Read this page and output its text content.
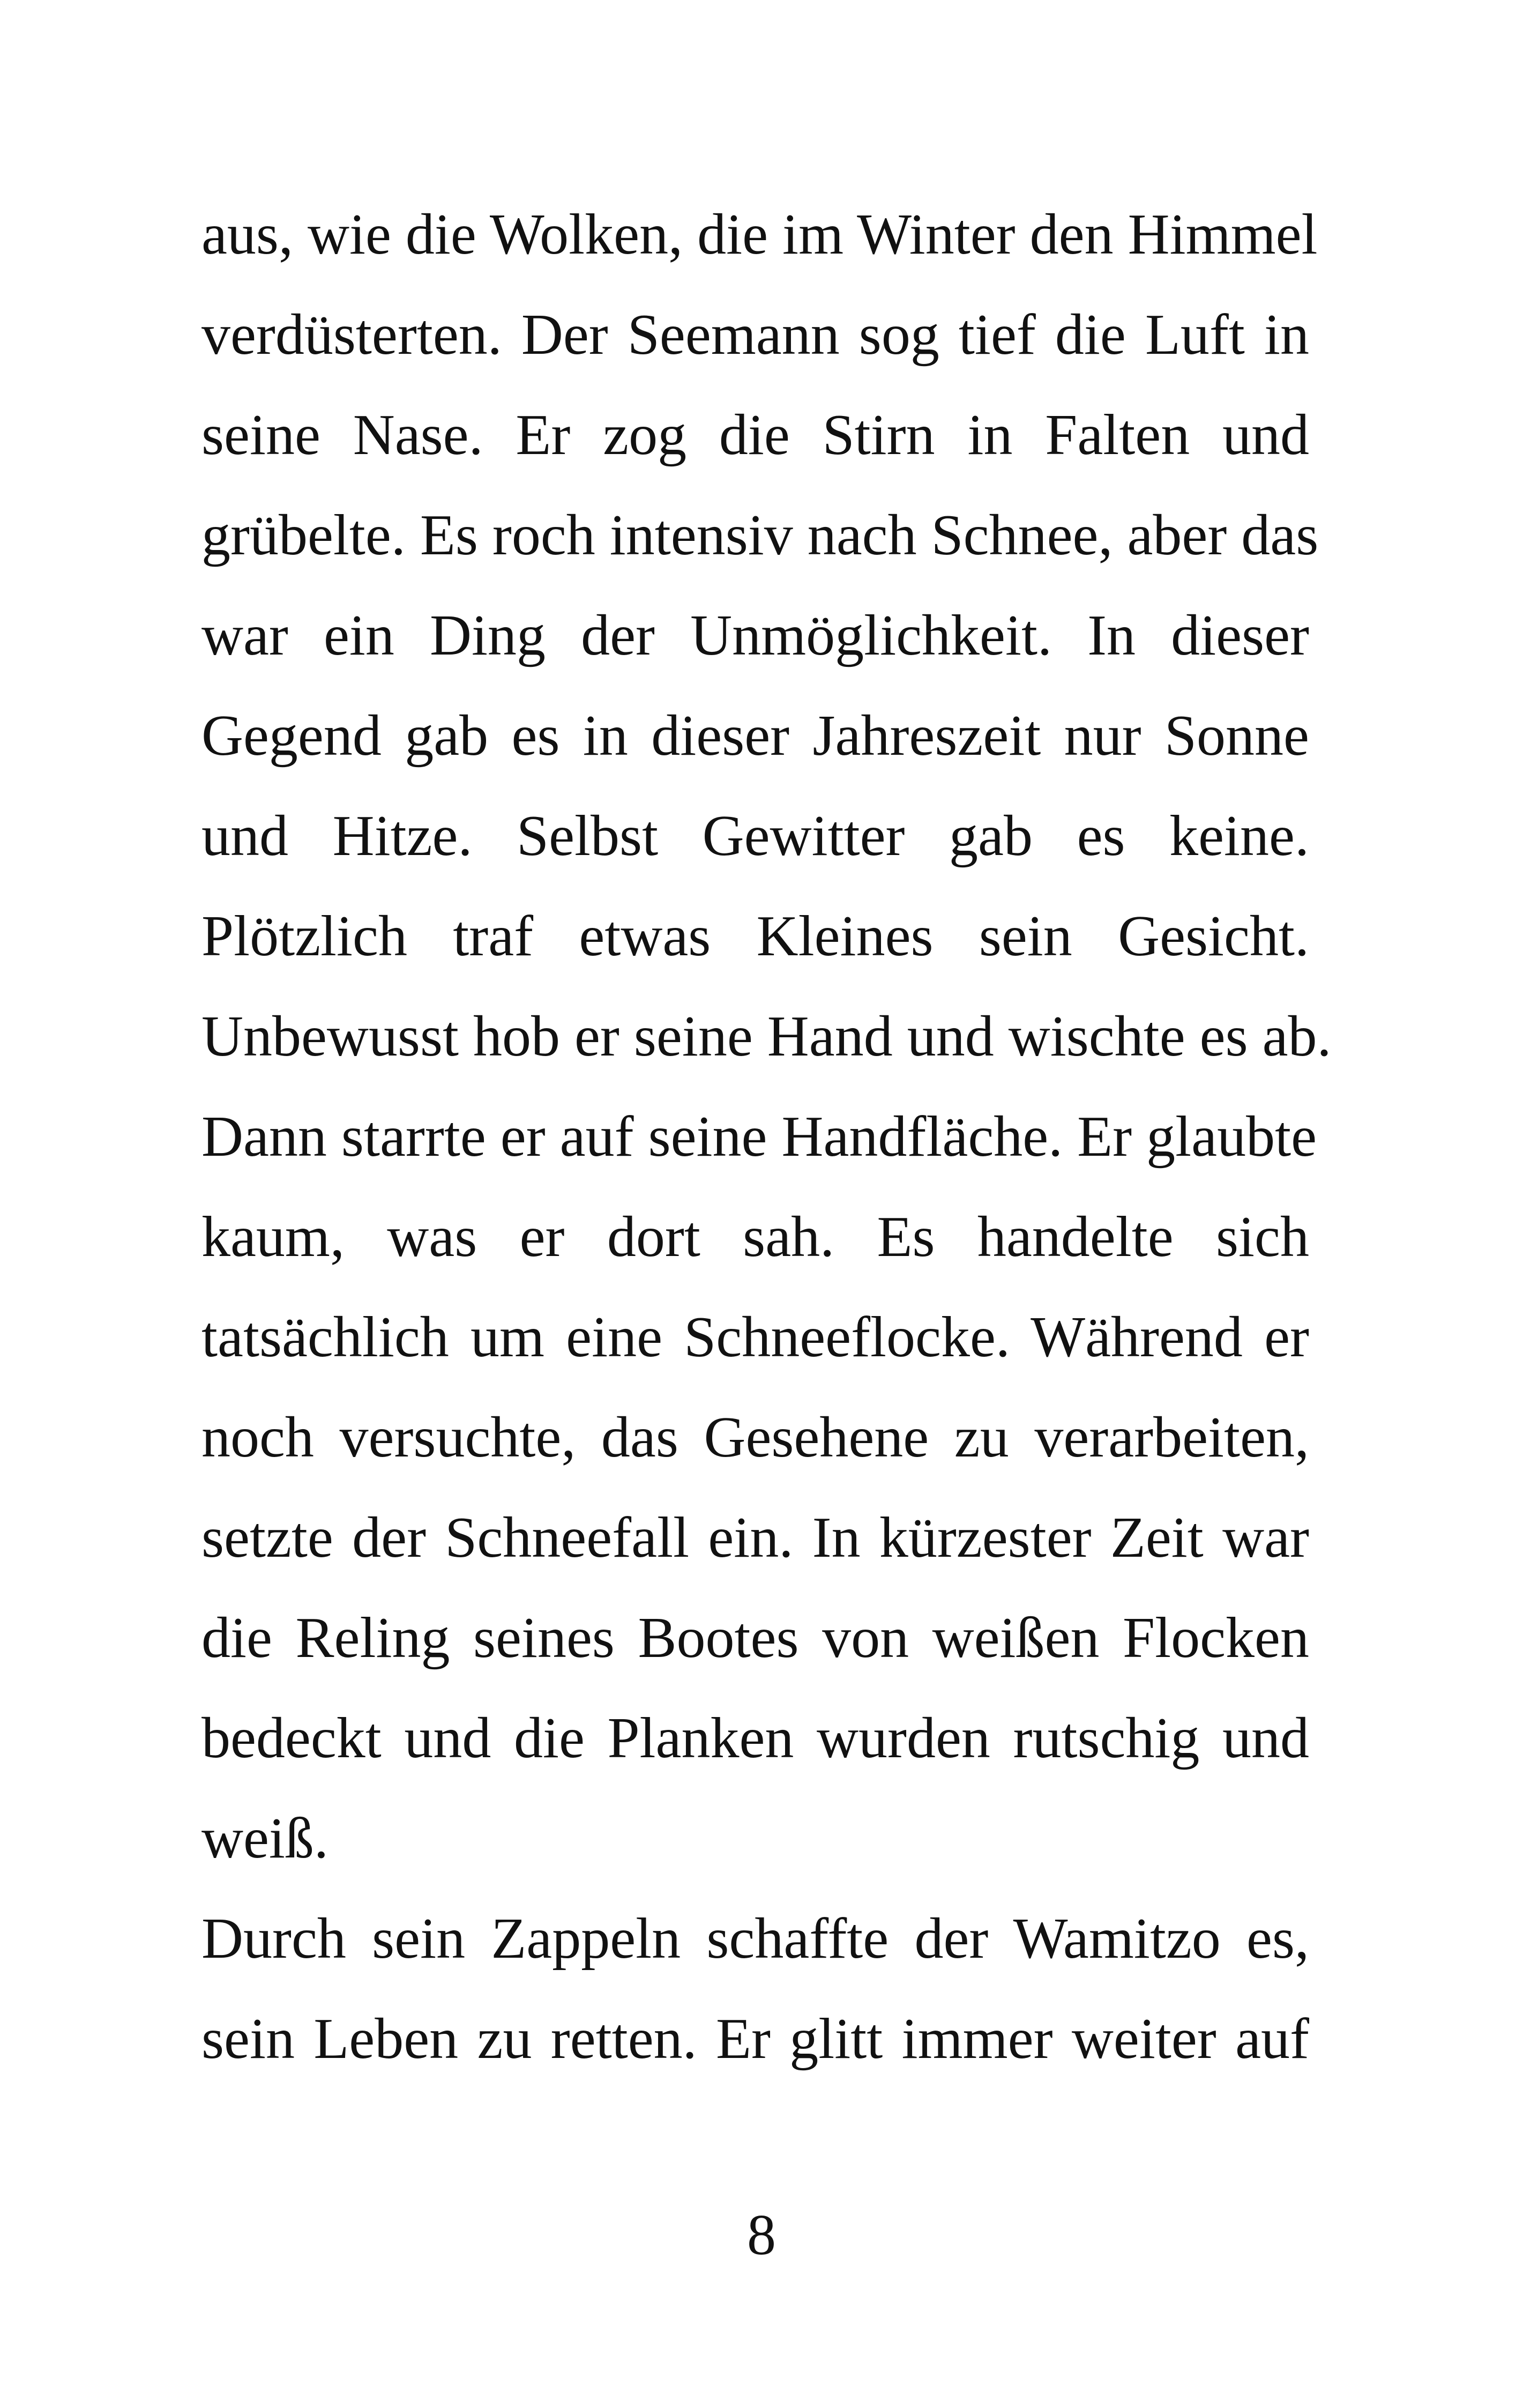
aus, wie die Wolken, die im Winter den Himmel
verdüsterten. Der Seemann sog tief die Luft in
seine Nase. Er zog die Stirn in Falten und
grübelte. Es roch intensiv nach Schnee, aber das
war ein Ding der Unmöglichkeit. In dieser
Gegend gab es in dieser Jahreszeit nur Sonne
und Hitze. Selbst Gewitter gab es keine.
Plötzlich traf etwas Kleines sein Gesicht.
Unbewusst hob er seine Hand und wischte es ab.
Dann starrte er auf seine Handfläche. Er glaubte
kaum, was er dort sah. Es handelte sich
tatsächlich um eine Schneeflocke. Während er
noch versuchte, das Gesehene zu verarbeiten,
setzte der Schneefall ein. In kürzester Zeit war
die Reling seines Bootes von weißen Flocken
bedeckt und die Planken wurden rutschig und
weiß.
Durch sein Zappeln schaffte der Wamitzo es,
sein Leben zu retten. Er glitt immer weiter auf
8
